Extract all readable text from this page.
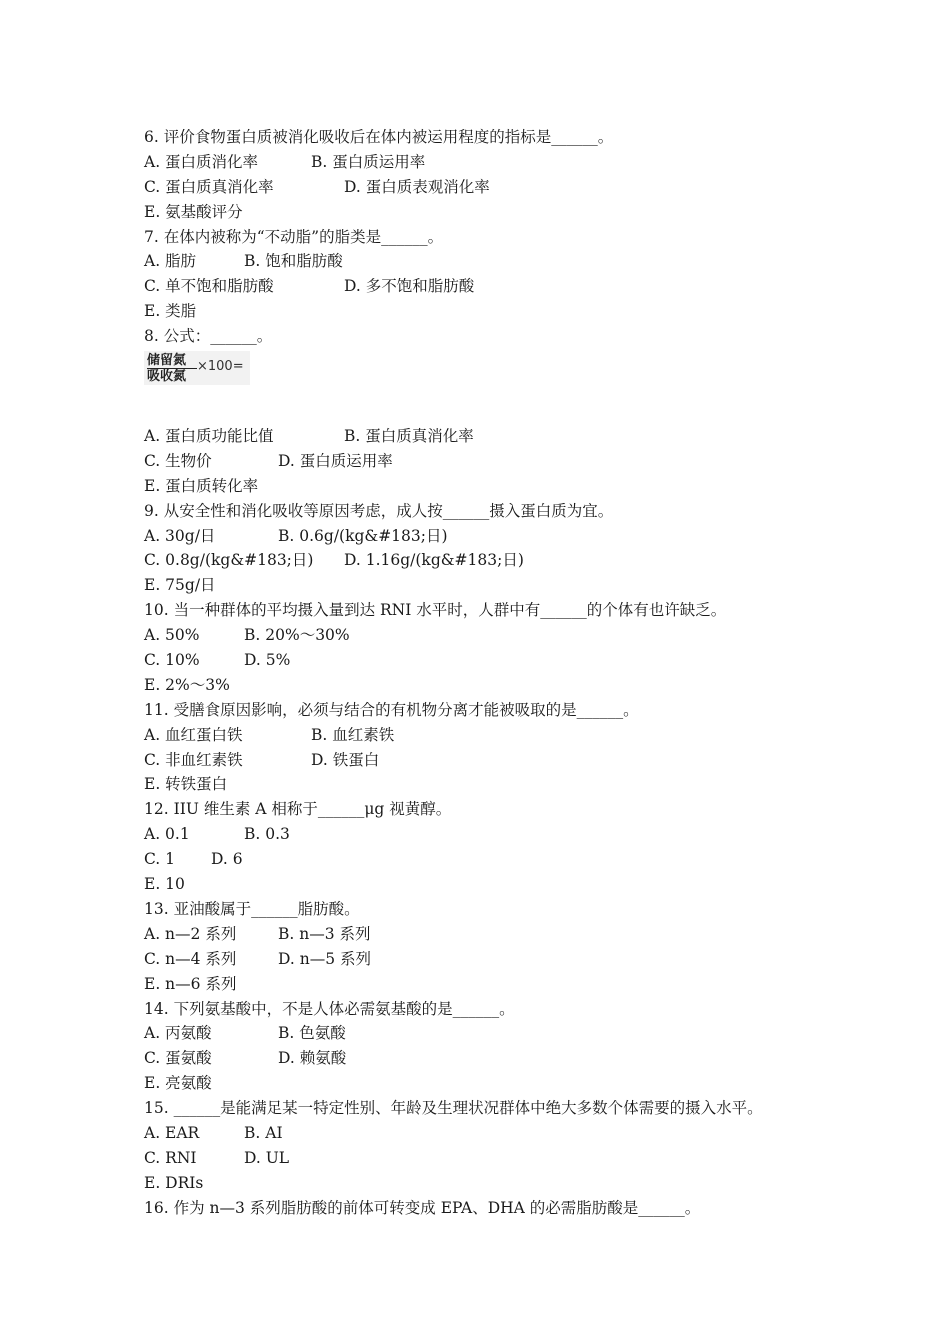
6. 评价食物蛋白质被消化吸收后在体内被运用程度的指标是______。
A. 蛋白质消化率	B. 蛋白质运用率
C. 蛋白质真消化率	D. 蛋白质表观消化率
E. 氨基酸评分
7. 在体内被称为“不动脂”的脂类是______。
A. 脂肪	B. 饱和脂肪酸
C. 单不饱和脂肪酸	D. 多不饱和脂肪酸
E. 类脂
8. 公式：______。
储留氮
吸收氮
×100=
A. 蛋白质功能比值	B. 蛋白质真消化率
C. 生物价	D. 蛋白质运用率
E. 蛋白质转化率
9. 从安全性和消化吸收等原因考虑，成人按______摄入蛋白质为宜。
A. 30g/日	B. 0.6g/(kg&#183;日)
C. 0.8g/(kg&#183;日) D. 1.16g/(kg&#183;日)
E. 75g/日
10. 当一种群体的平均摄入量到达 RNI 水平时，人群中有______的个体有也许缺乏。
A. 50%	B. 20%～30%
C. 10%	D. 5%
E. 2%～3%
11. 受膳食原因影响，必须与结合的有机物分离才能被吸取的是______。
A. 血红蛋白铁	B. 血红素铁
C. 非血红素铁	D. 铁蛋白
E. 转铁蛋白
12. IIU 维生素 A 相称于______μg 视黄醇。
A. 0.1	B. 0.3
C. 1 D. 6
E. 10
13. 亚油酸属于______脂肪酸。
A. n—2 系列	B. n—3 系列
C. n—4 系列	D. n—5 系列
E. n—6 系列
14. 下列氨基酸中，不是人体必需氨基酸的是______。
A. 丙氨酸	B. 色氨酸
C. 蛋氨酸	D. 赖氨酸
E. 亮氨酸
15. ______是能满足某一特定性别、年龄及生理状况群体中绝大多数个体需要的摄入水平。
A. EAR	B. AI
C. RNI	D. UL
E. DRIs
16. 作为 n—3 系列脂肪酸的前体可转变成 EPA、DHA 的必需脂肪酸是______。
